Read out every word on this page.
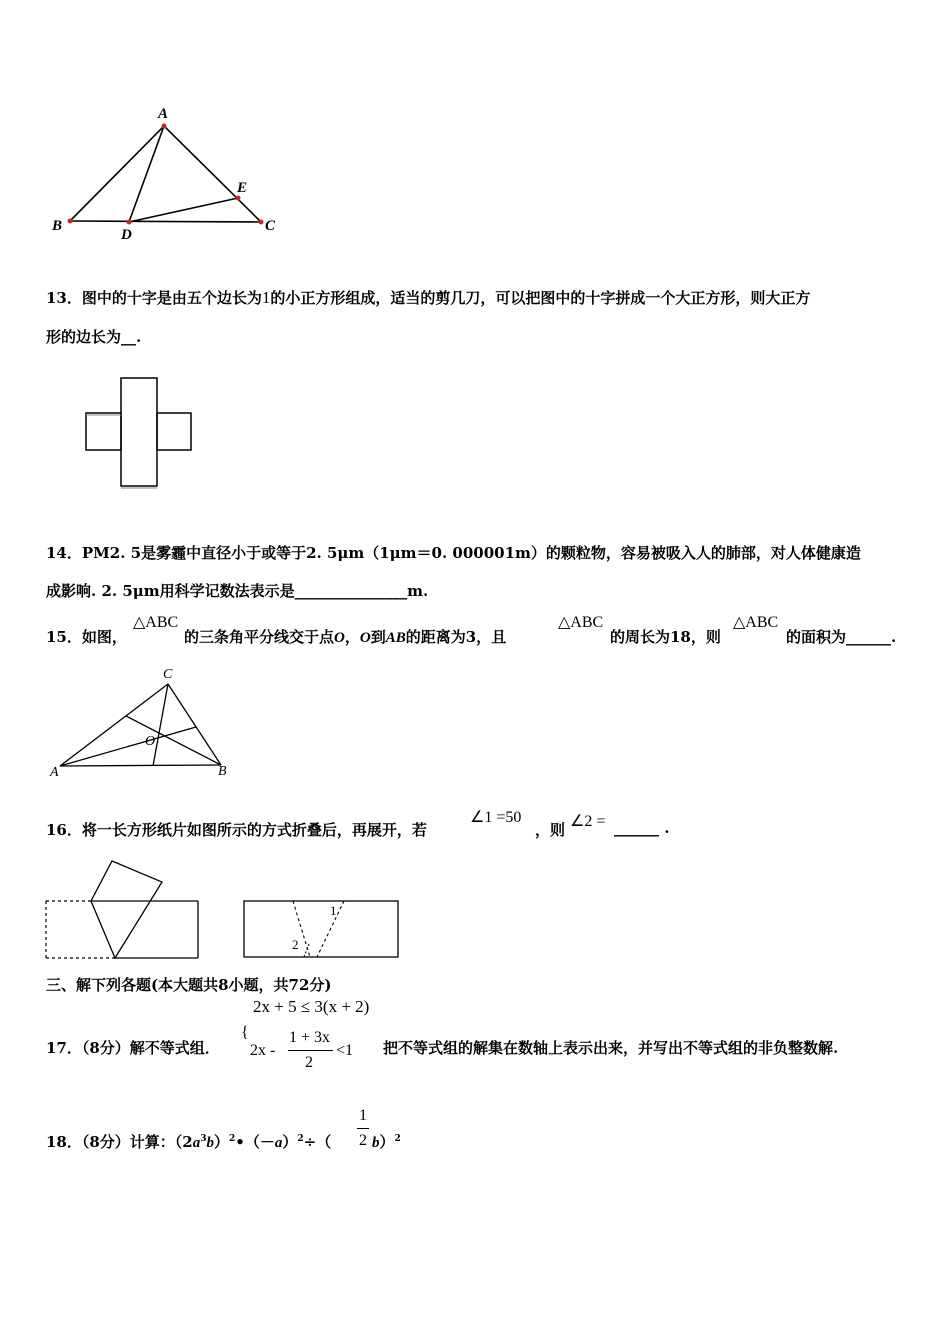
A
B	C
D
E
13．图中的十字是由五个边长为1的小正方形组成，适当的剪几刀，可以把图中的十字拼成一个大正方形，则大正方
形的边长为__.
14．PM2. 5是雾霾中直径小于或等于2. 5μm（1μm＝0. 000001m）的颗粒物，容易被吸入人的肺部，对人体健康造
成影响. 2. 5μm用科学记数法表示是_______________m.
15．如图，
△ABC
的三条角平分线交于点O，O到AB的距离为3，且
△ABC
的周长为18，则
△ABC
的面积为______.
A	B
C
O
16．将一长方形纸片如图所示的方式折叠后，再展开，若
∠1 =50
，则 ∠2 = ______ .
1
2
三、解下列各题(本大题共8小题，共72分)
2x + 5 ≤ 3(x + 2)
17．（8分）解不等式组．
{
2x -
1 + 3x
2
<1 把不等式组的解集在数轴上表示出来，并写出不等式组的非负整数解.
18．（8分）计算：$(2a^3b)^2•(-a)^2\div$（
1
2 b）$^2$
